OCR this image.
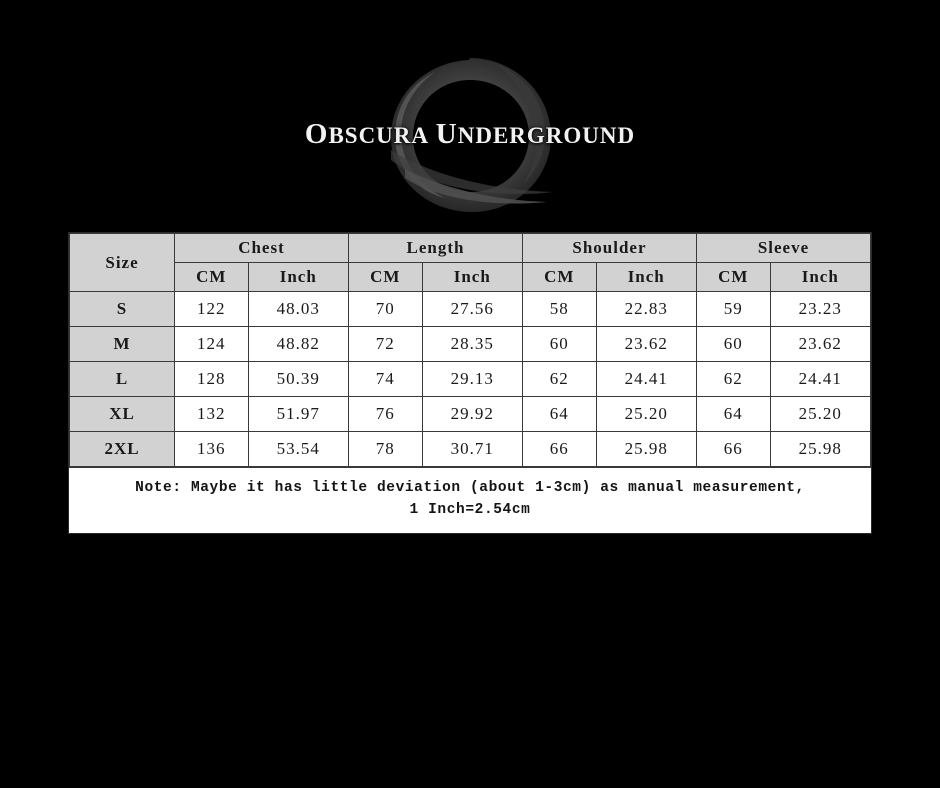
OBSCURA UNDERGROUND
Size	Chest		Length		Shoulder		Sleeve	
	CM	Inch	CM	Inch	CM	Inch	CM	Inch
S	122	48.03	70	27.56	58	22.83	59	23.23
M	124	48.82	72	28.35	60	23.62	60	23.62
L	128	50.39	74	29.13	62	24.41	62	24.41
XL	132	51.97	76	29.92	64	25.20	64	25.20
2XL	136	53.54	78	30.71	66	25.98	66	25.98
Note: Maybe it has little deviation (about 1-3cm) as manual measurement,
1 Inch=2.54cm
